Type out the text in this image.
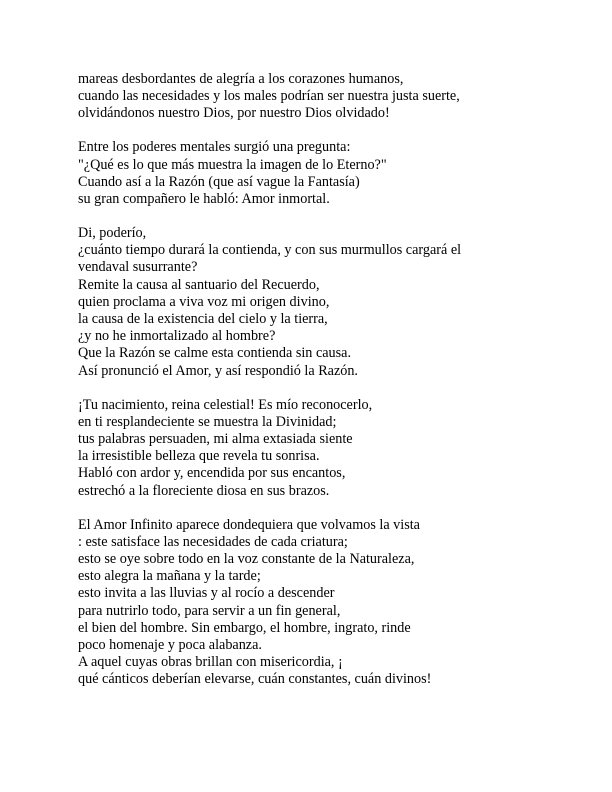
mareas desbordantes de alegría a los corazones humanos,
cuando las necesidades y los males podrían ser nuestra justa suerte,
olvidándonos nuestro Dios, por nuestro Dios olvidado!
Entre los poderes mentales surgió una pregunta:
"¿Qué es lo que más muestra la imagen de lo Eterno?"
Cuando así a la Razón (que así vague la Fantasía)
su gran compañero le habló: Amor inmortal.
Di, poderío,
¿cuánto tiempo durará la contienda, y con sus murmullos cargará el
vendaval susurrante?
Remite la causa al santuario del Recuerdo,
quien proclama a viva voz mi origen divino,
la causa de la existencia del cielo y la tierra,
¿y no he inmortalizado al hombre?
Que la Razón se calme esta contienda sin causa.
Así pronunció el Amor, y así respondió la Razón.
¡Tu nacimiento, reina celestial! Es mío reconocerlo,
en ti resplandeciente se muestra la Divinidad;
tus palabras persuaden, mi alma extasiada siente
la irresistible belleza que revela tu sonrisa.
Habló con ardor y, encendida por sus encantos,
estrechó a la floreciente diosa en sus brazos.
El Amor Infinito aparece dondequiera que volvamos la vista
: este satisface las necesidades de cada criatura;
esto se oye sobre todo en la voz constante de la Naturaleza,
esto alegra la mañana y la tarde;
esto invita a las lluvias y al rocío a descender
para nutrirlo todo, para servir a un fin general,
el bien del hombre. Sin embargo, el hombre, ingrato, rinde
poco homenaje y poca alabanza.
A aquel cuyas obras brillan con misericordia, ¡
qué cánticos deberían elevarse, cuán constantes, cuán divinos!
